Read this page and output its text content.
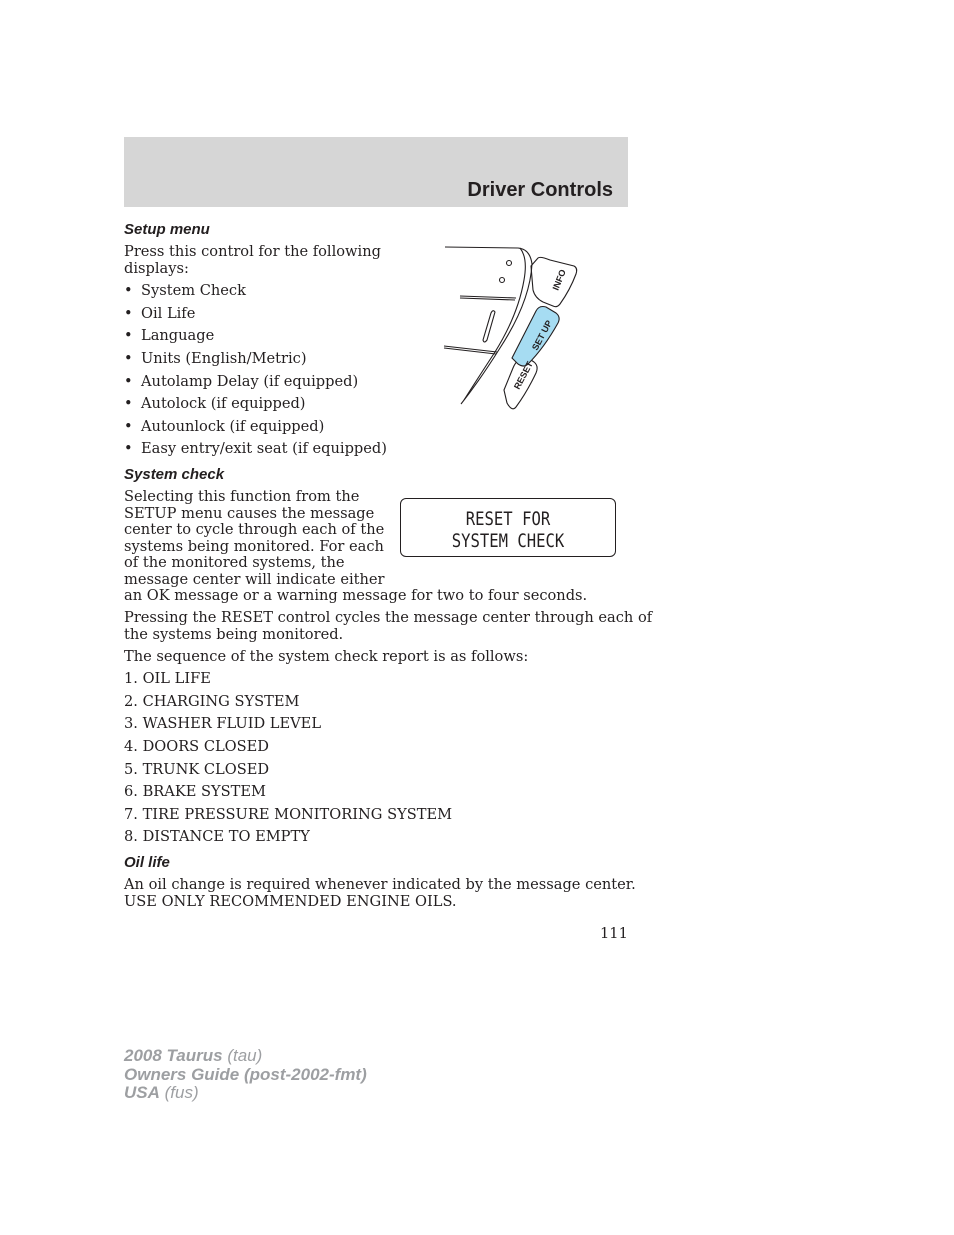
Driver Controls
Setup menu
Press this control for the following
displays:
• System Check
• Oil Life
• Language
• Units (English/Metric)
• Autolamp Delay (if equipped)
• Autolock (if equipped)
• Autounlock (if equipped)
• Easy entry/exit seat (if equipped)
INFO
SET UP
RESET
System check
Selecting this function from the
SETUP menu causes the message
center to cycle through each of the
systems being monitored. For each
of the monitored systems, the
message center will indicate either
an OK message or a warning message for two to four seconds.
RESET FOR
SYSTEM CHECK
Pressing the RESET control cycles the message center through each of
the systems being monitored.
The sequence of the system check report is as follows:
1. OIL LIFE
2. CHARGING SYSTEM
3. WASHER FLUID LEVEL
4. DOORS CLOSED
5. TRUNK CLOSED
6. BRAKE SYSTEM
7. TIRE PRESSURE MONITORING SYSTEM
8. DISTANCE TO EMPTY
Oil life
An oil change is required whenever indicated by the message center.
USE ONLY RECOMMENDED ENGINE OILS.
111
2008 Taurus (tau)
Owners Guide (post-2002-fmt)
USA (fus)
